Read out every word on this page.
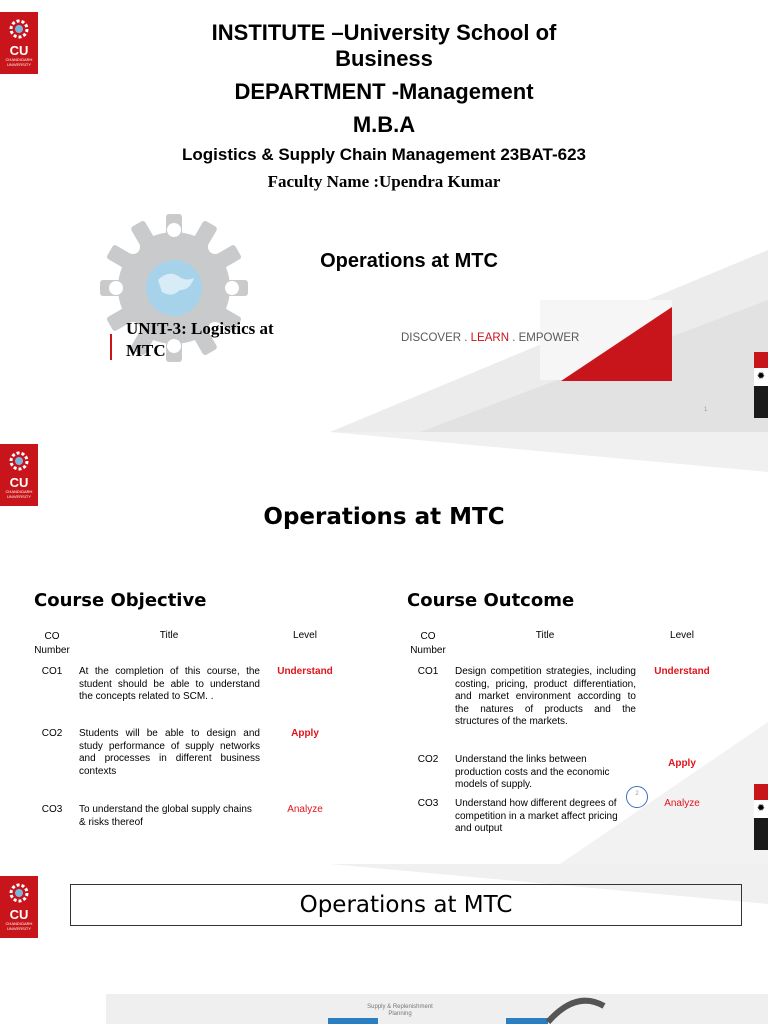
CU
CHANDIGARH
UNIVERSITY
INSTITUTE –University School of
Business
DEPARTMENT -Management
M.B.A
Logistics & Supply Chain Management 23BAT-623
Faculty Name :Upendra Kumar
Operations at MTC
UNIT-3: Logistics at
MTC
DISCOVER . LEARN . EMPOWER
1
✹
CU
CHANDIGARH
UNIVERSITY
Operations at MTC
Course Objective	Course Outcome
CO Number	Title	Level
CO1	At the completion of this course, the student should be able to understand the concepts related to SCM. .	Understand
CO2	Students will be able to design and study performance of supply networks and processes in different business contexts	Apply
CO3	To understand the global supply chains & risks thereof	Analyze
CO Number	Title	Level
CO1	Design competition strategies, including costing, pricing, product differentiation, and market environment according to the natures of products and the structures of the markets.	Understand
CO2	Understand the links between production costs and the economic models of supply.	Apply
CO3	Understand how different degrees of competition in a market affect pricing and output	Analyze
2
✹
CU
CHANDIGARH
UNIVERSITY
Operations at MTC
Supply & Replenishment
Planning
